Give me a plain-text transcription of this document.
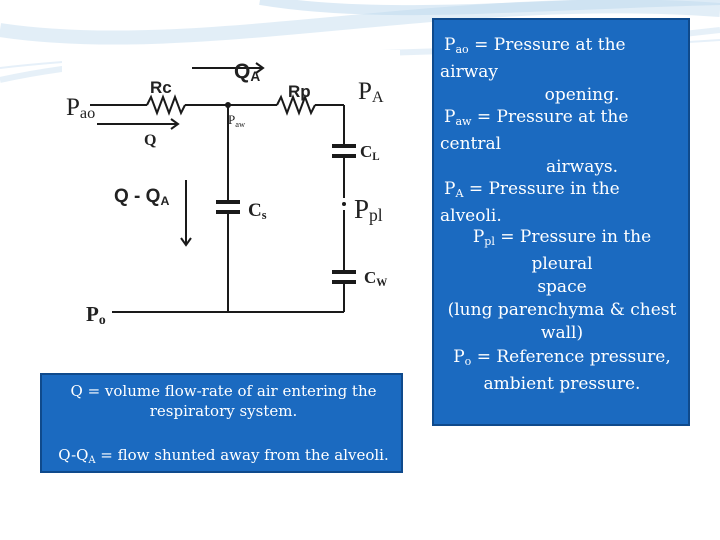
$P_{ao}$
$Q_A$
$P_A$
Rc	Rp
$P_{aw}$
Q
$C_L$
Q - $Q_A$	$C_s$	$P_{pl}$
$C_W$
$P_o$
$P_{ao}$ = Pressure at the airway
opening.
$P_{aw}$ = Pressure at the central
airways.
$P_A$ = Pressure in the alveoli.
$P_{pl}$ = Pressure in the pleural
space
(lung parenchyma & chest
wall)
$P_o$ = Reference pressure,
ambient pressure.
Q = volume flow-rate of air entering the respiratory system.
$Q-Q_A$ = flow shunted away from the alveoli.
